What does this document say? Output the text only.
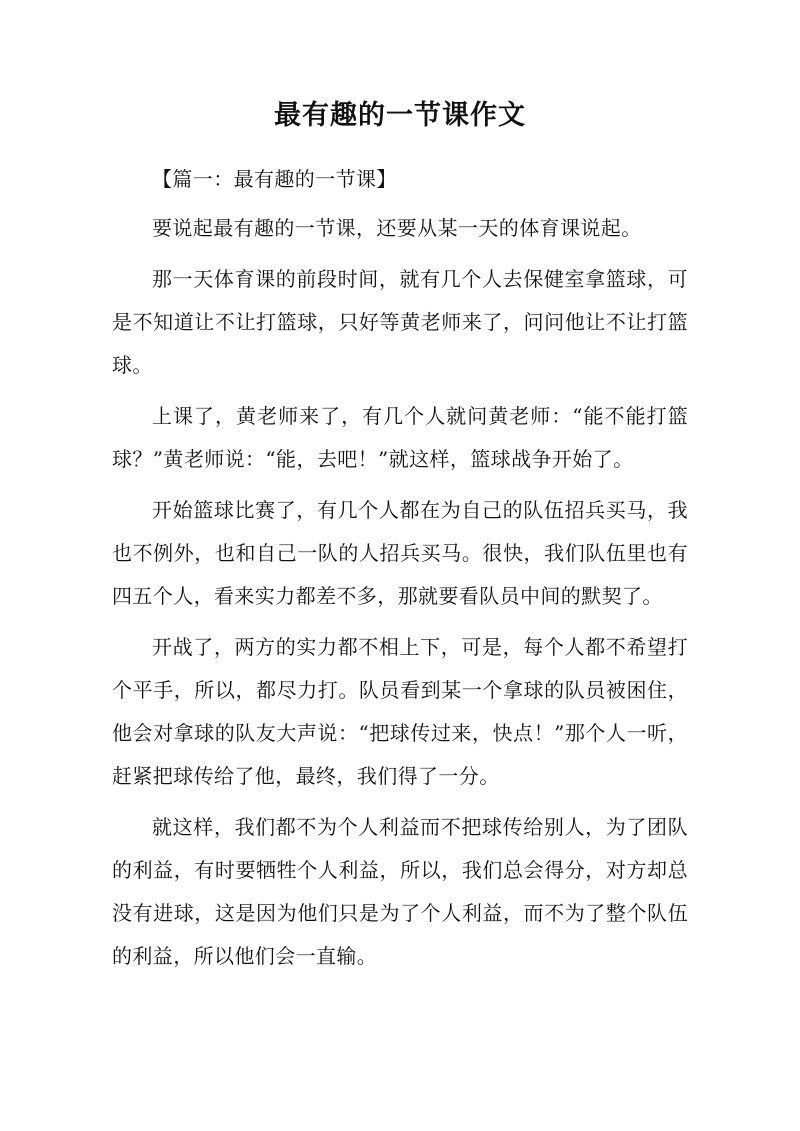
最有趣的一节课作文

【篇一：最有趣的一节课】

要说起最有趣的一节课，还要从某一天的体育课说起。

那一天体育课的前段时间，就有几个人去保健室拿篮球，可是不知道让不让打篮球，只好等黄老师来了，问问他让不让打篮球。

上课了，黄老师来了，有几个人就问黄老师：“能不能打篮球？”黄老师说：“能，去吧！”就这样，篮球战争开始了。

开始篮球比赛了，有几个人都在为自己的队伍招兵买马，我也不例外，也和自己一队的人招兵买马。很快，我们队伍里也有四五个人，看来实力都差不多，那就要看队员中间的默契了。

开战了，两方的实力都不相上下，可是，每个人都不希望打个平手，所以，都尽力打。队员看到某一个拿球的队员被困住，他会对拿球的队友大声说：“把球传过来，快点！”那个人一听，赶紧把球传给了他，最终，我们得了一分。

就这样，我们都不为个人利益而不把球传给别人，为了团队的利益，有时要牺牲个人利益，所以，我们总会得分，对方却总没有进球，这是因为他们只是为了个人利益，而不为了整个队伍的利益，所以他们会一直输。
